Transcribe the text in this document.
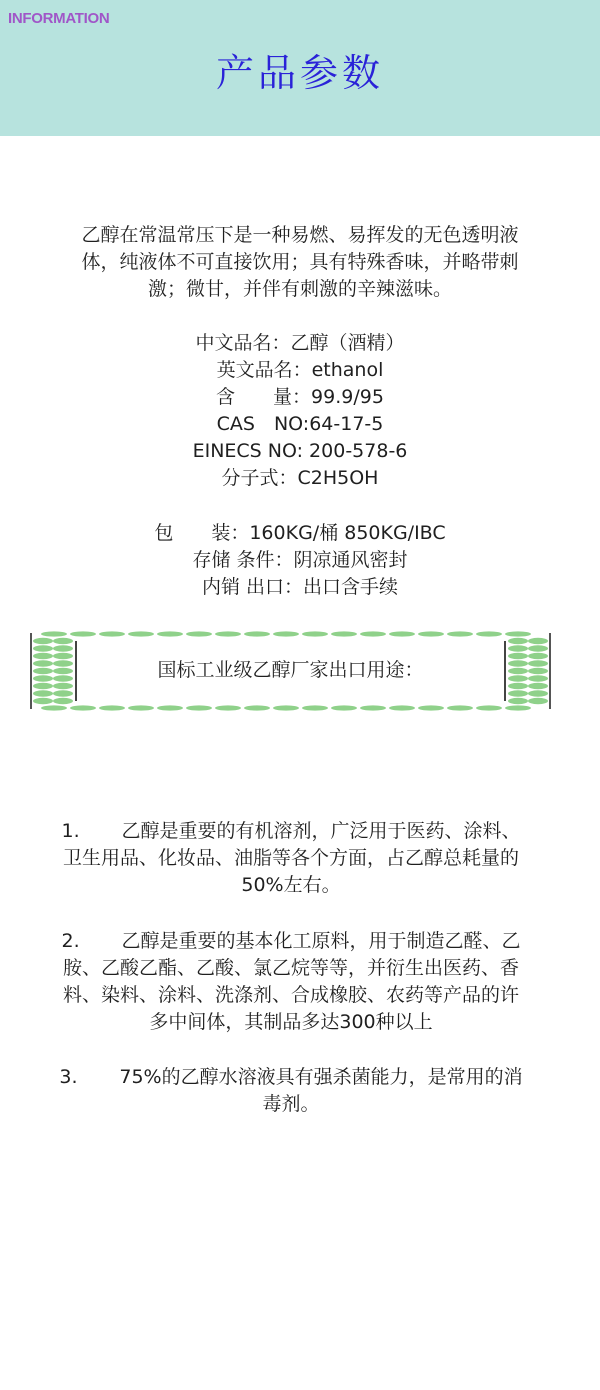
INFORMATION
产品参数

乙醇在常温常压下是一种易燃、易挥发的无色透明液

体，纯液体不可直接饮用；具有特殊香味，并略带刺

激；微甘，并伴有刺激的辛辣滋味。

中文品名：乙醇（酒精）

英文品名：ethanol

含　　量：99.9/95

CAS　NO:64-17-5

EINECS NO: 200-578-6

分子式：C2H5OH

包　　装：160KG/桶 850KG/IBC

存储 条件：阴凉通风密封

内销 出口：出口含手续

国标工业级乙醇厂家出口用途：

1. 乙醇是重要的有机溶剂，广泛用于医药、涂料、

卫生用品、化妆品、油脂等各个方面，占乙醇总耗量的

50%左右。

2. 乙醇是重要的基本化工原料，用于制造乙醛、乙

胺、乙酸乙酯、乙酸、氯乙烷等等，并衍生出医药、香

料、染料、涂料、洗涤剂、合成橡胶、农药等产品的许

多中间体，其制品多达300种以上

3. 75%的乙醇水溶液具有强杀菌能力，是常用的消

毒剂。
